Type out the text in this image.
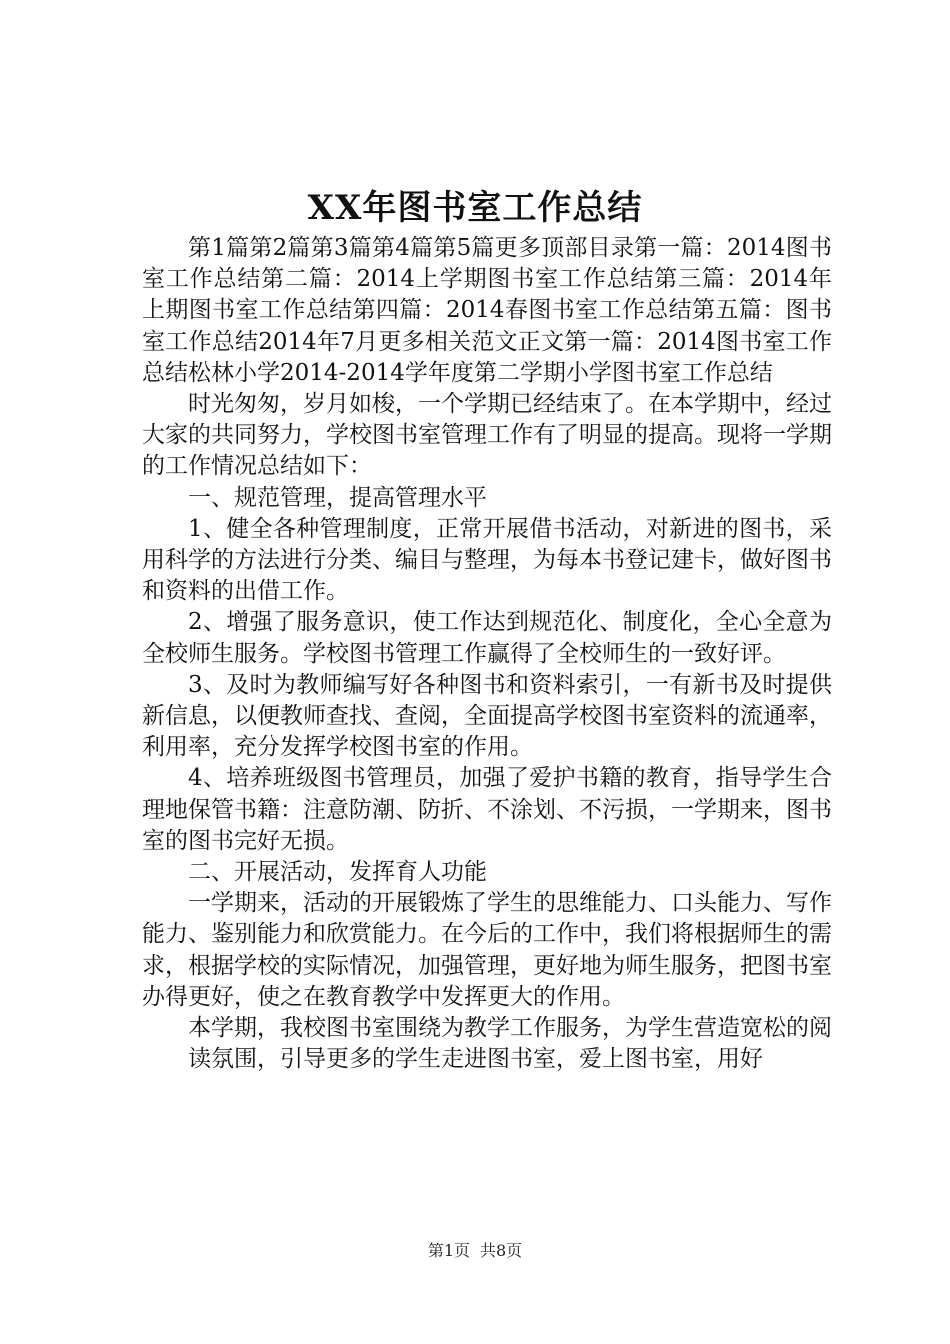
XX年图书室工作总结

第1篇第2篇第3篇第4篇第5篇更多顶部目录第一篇：2014图书室工作总结第二篇：2014上学期图书室工作总结第三篇：2014年上期图书室工作总结第四篇：2014春图书室工作总结第五篇：图书室工作总结2014年7月更多相关范文正文第一篇：2014图书室工作总结松林小学2014-2014学年度第二学期小学图书室工作总结

时光匆匆，岁月如梭，一个学期已经结束了。在本学期中，经过大家的共同努力，学校图书室管理工作有了明显的提高。现将一学期的工作情况总结如下：

一、规范管理，提高管理水平

1、健全各种管理制度，正常开展借书活动，对新进的图书，采用科学的方法进行分类、编目与整理，为每本书登记建卡，做好图书和资料的出借工作。

2、增强了服务意识，使工作达到规范化、制度化，全心全意为全校师生服务。学校图书管理工作赢得了全校师生的一致好评。

3、及时为教师编写好各种图书和资料索引，一有新书及时提供新信息，以便教师查找、查阅，全面提高学校图书室资料的流通率，利用率，充分发挥学校图书室的作用。

4、培养班级图书管理员，加强了爱护书籍的教育，指导学生合理地保管书籍：注意防潮、防折、不涂划、不污损，一学期来，图书室的图书完好无损。

二、开展活动，发挥育人功能

一学期来，活动的开展锻炼了学生的思维能力、口头能力、写作能力、鉴别能力和欣赏能力。在今后的工作中，我们将根据师生的需求，根据学校的实际情况，加强管理，更好地为师生服务，把图书室办得更好，使之在教育教学中发挥更大的作用。

本学期，我校图书室围绕为教学工作服务，为学生营造宽松的阅

读氛围，引导更多的学生走进图书室，爱上图书室，用好

第1页 共8页
